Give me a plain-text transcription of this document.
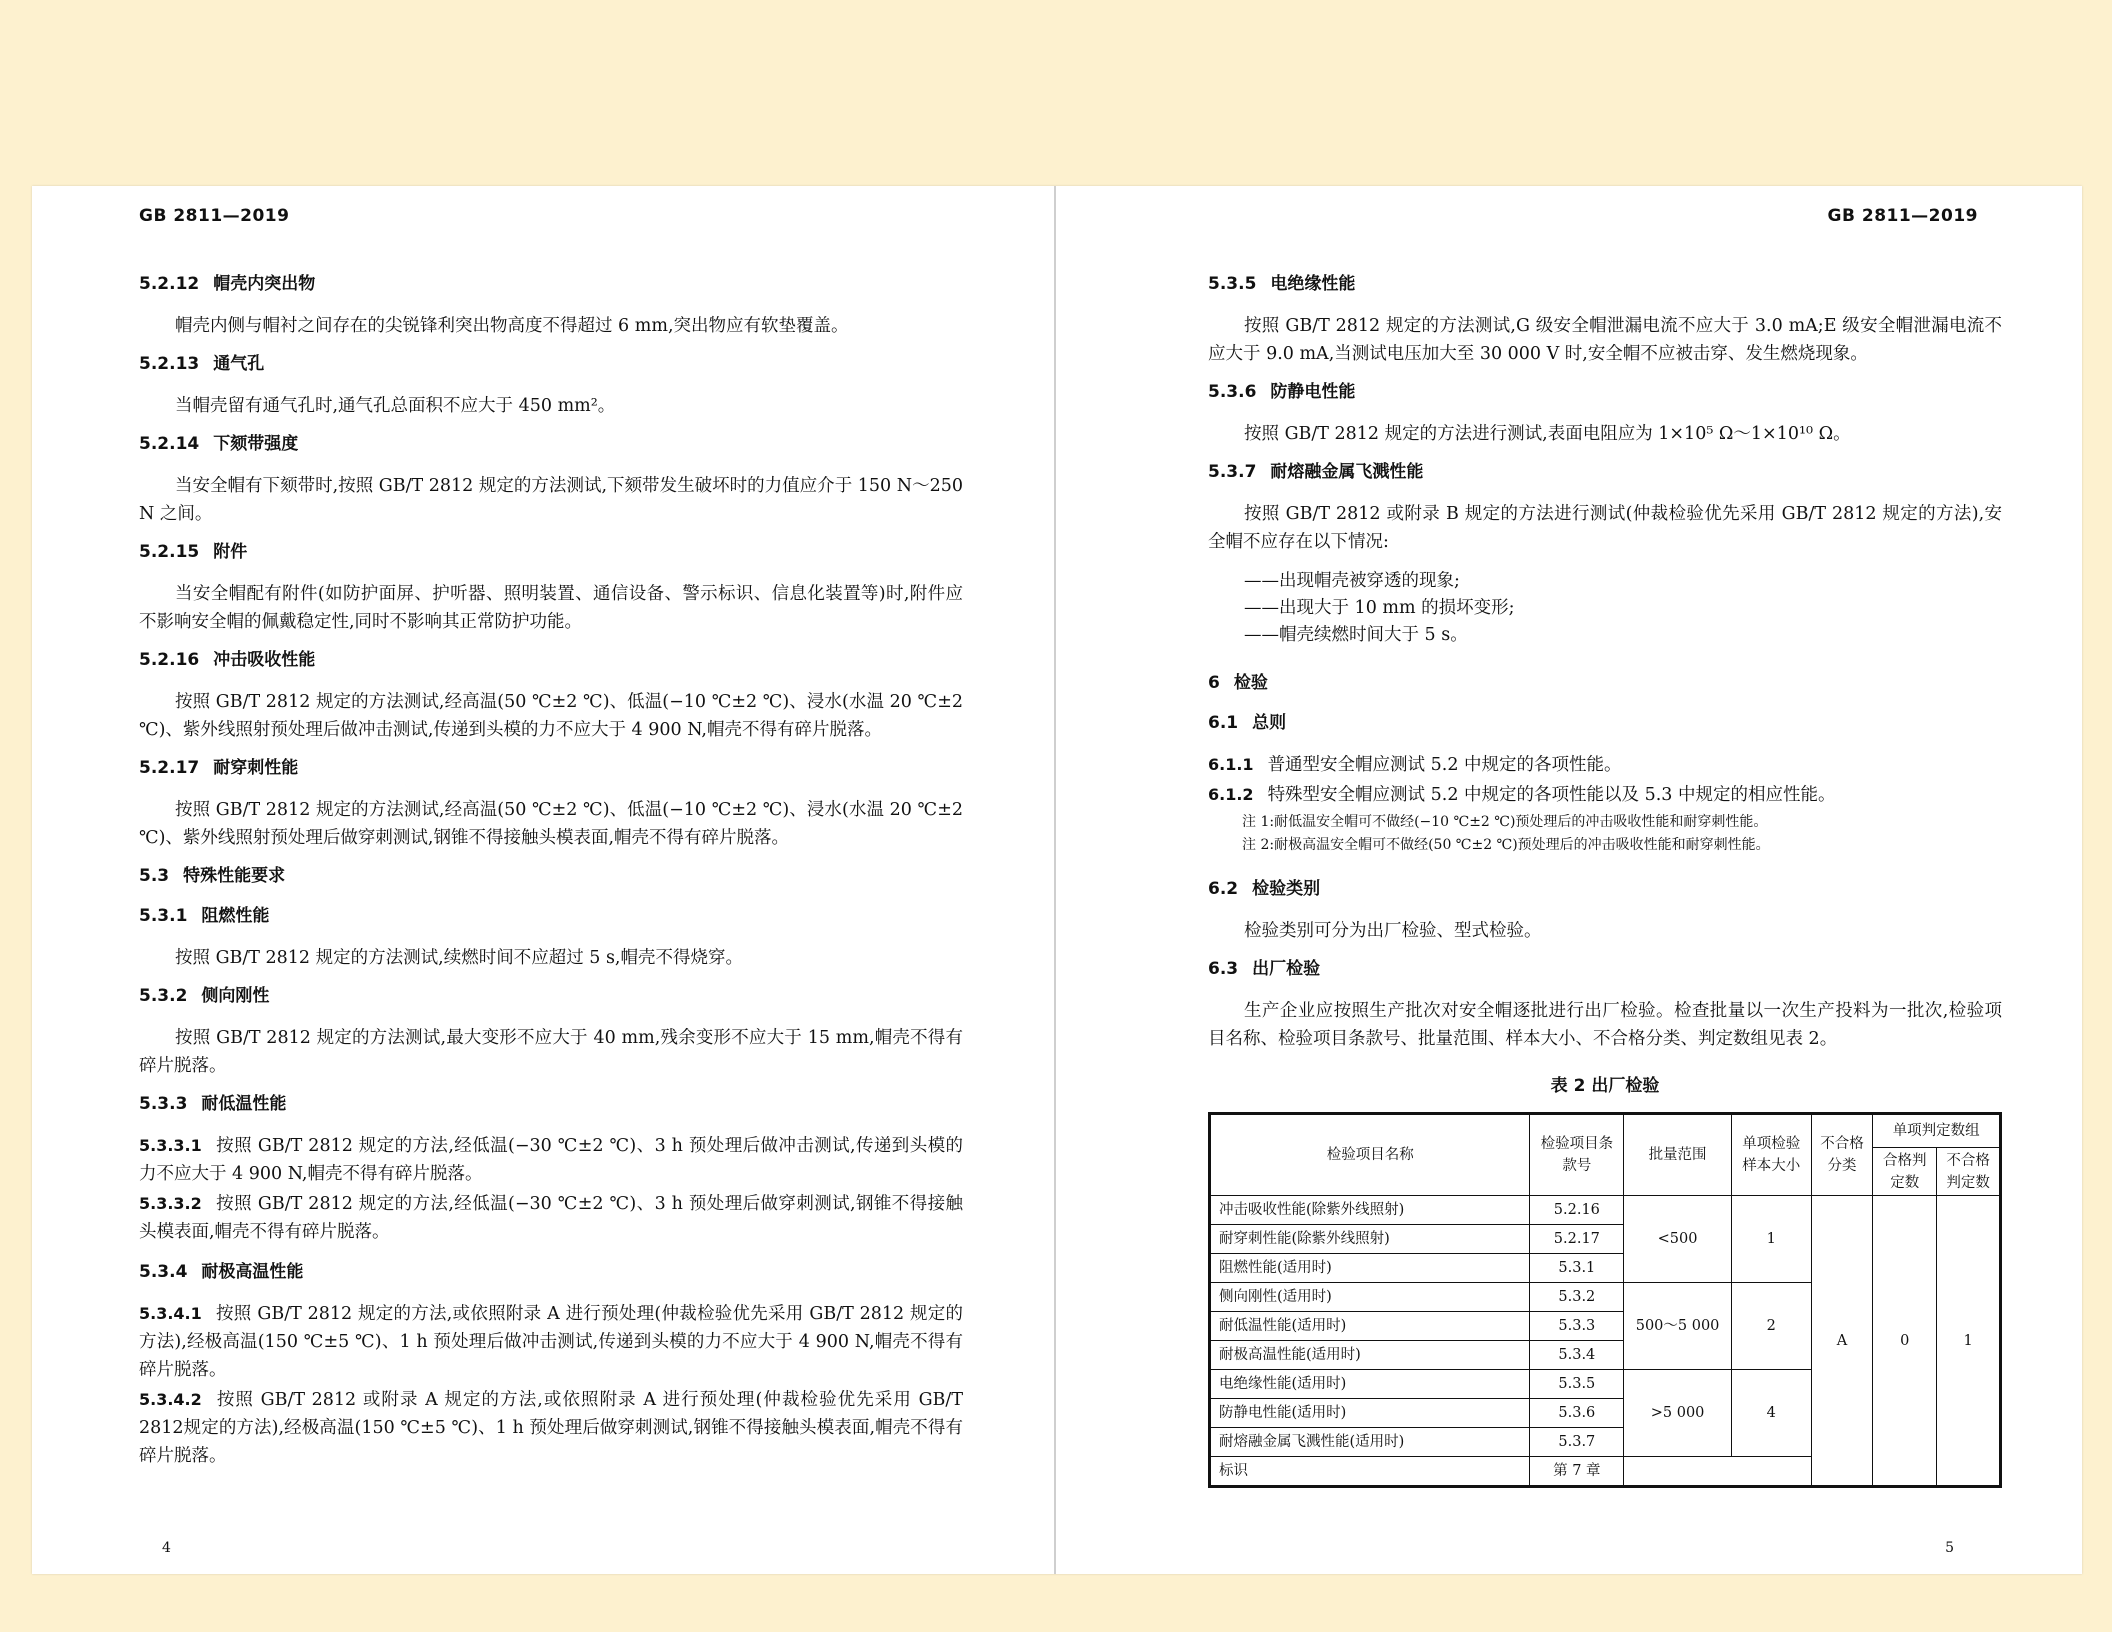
GB 2811—2019
5.2.12 帽壳内突出物
帽壳内侧与帽衬之间存在的尖锐锋利突出物高度不得超过 6 mm,突出物应有软垫覆盖。
5.2.13 通气孔
当帽壳留有通气孔时,通气孔总面积不应大于 450 mm²。
5.2.14 下颏带强度
当安全帽有下颏带时,按照 GB/T 2812 规定的方法测试,下颏带发生破坏时的力值应介于 150 N～250 N 之间。
5.2.15 附件
当安全帽配有附件(如防护面屏、护听器、照明装置、通信设备、警示标识、信息化装置等)时,附件应不影响安全帽的佩戴稳定性,同时不影响其正常防护功能。
5.2.16 冲击吸收性能
按照 GB/T 2812 规定的方法测试,经高温(50 ℃±2 ℃)、低温(−10 ℃±2 ℃)、浸水(水温 20 ℃±2 ℃)、紫外线照射预处理后做冲击测试,传递到头模的力不应大于 4 900 N,帽壳不得有碎片脱落。
5.2.17 耐穿刺性能
按照 GB/T 2812 规定的方法测试,经高温(50 ℃±2 ℃)、低温(−10 ℃±2 ℃)、浸水(水温 20 ℃±2 ℃)、紫外线照射预处理后做穿刺测试,钢锥不得接触头模表面,帽壳不得有碎片脱落。
5.3 特殊性能要求
5.3.1 阻燃性能
按照 GB/T 2812 规定的方法测试,续燃时间不应超过 5 s,帽壳不得烧穿。
5.3.2 侧向刚性
按照 GB/T 2812 规定的方法测试,最大变形不应大于 40 mm,残余变形不应大于 15 mm,帽壳不得有碎片脱落。
5.3.3 耐低温性能
5.3.3.1 按照 GB/T 2812 规定的方法,经低温(−30 ℃±2 ℃)、3 h 预处理后做冲击测试,传递到头模的力不应大于 4 900 N,帽壳不得有碎片脱落。
5.3.3.2 按照 GB/T 2812 规定的方法,经低温(−30 ℃±2 ℃)、3 h 预处理后做穿刺测试,钢锥不得接触头模表面,帽壳不得有碎片脱落。
5.3.4 耐极高温性能
5.3.4.1 按照 GB/T 2812 规定的方法,或依照附录 A 进行预处理(仲裁检验优先采用 GB/T 2812 规定的方法),经极高温(150 ℃±5 ℃)、1 h 预处理后做冲击测试,传递到头模的力不应大于 4 900 N,帽壳不得有碎片脱落。
5.3.4.2 按照 GB/T 2812 或附录 A 规定的方法,或依照附录 A 进行预处理(仲裁检验优先采用 GB/T 2812规定的方法),经极高温(150 ℃±5 ℃)、1 h 预处理后做穿刺测试,钢锥不得接触头模表面,帽壳不得有碎片脱落。
4
GB 2811—2019
5.3.5 电绝缘性能
按照 GB/T 2812 规定的方法测试,G 级安全帽泄漏电流不应大于 3.0 mA;E 级安全帽泄漏电流不应大于 9.0 mA,当测试电压加大至 30 000 V 时,安全帽不应被击穿、发生燃烧现象。
5.3.6 防静电性能
按照 GB/T 2812 规定的方法进行测试,表面电阻应为 1×10⁵ Ω～1×10¹⁰ Ω。
5.3.7 耐熔融金属飞溅性能
按照 GB/T 2812 或附录 B 规定的方法进行测试(仲裁检验优先采用 GB/T 2812 规定的方法),安全帽不应存在以下情况:
——出现帽壳被穿透的现象;
——出现大于 10 mm 的损坏变形;
——帽壳续燃时间大于 5 s。
6 检验
6.1 总则
6.1.1 普通型安全帽应测试 5.2 中规定的各项性能。
6.1.2 特殊型安全帽应测试 5.2 中规定的各项性能以及 5.3 中规定的相应性能。
注 1:耐低温安全帽可不做经(−10 ℃±2 ℃)预处理后的冲击吸收性能和耐穿刺性能。
注 2:耐极高温安全帽可不做经(50 ℃±2 ℃)预处理后的冲击吸收性能和耐穿刺性能。
6.2 检验类别
检验类别可分为出厂检验、型式检验。
6.3 出厂检验
生产企业应按照生产批次对安全帽逐批进行出厂检验。检查批量以一次生产投料为一批次,检验项目名称、检验项目条款号、批量范围、样本大小、不合格分类、判定数组见表 2。
表 2 出厂检验
检验项目名称	检验项目条款号	批量范围	单项检验样本大小	不合格分类	单项判定数组	
					合格判定数	不合格判定数
冲击吸收性能(除紫外线照射)	5.2.16	<500	1	A	0	1
耐穿刺性能(除紫外线照射)	5.2.17					
阻燃性能(适用时)	5.3.1					
侧向刚性(适用时)	5.3.2	500～5 000	2			
耐低温性能(适用时)	5.3.3					
耐极高温性能(适用时)	5.3.4					
电绝缘性能(适用时)	5.3.5	>5 000	4			
防静电性能(适用时)	5.3.6					
耐熔融金属飞溅性能(适用时)	5.3.7					
标识	第 7 章					
5
